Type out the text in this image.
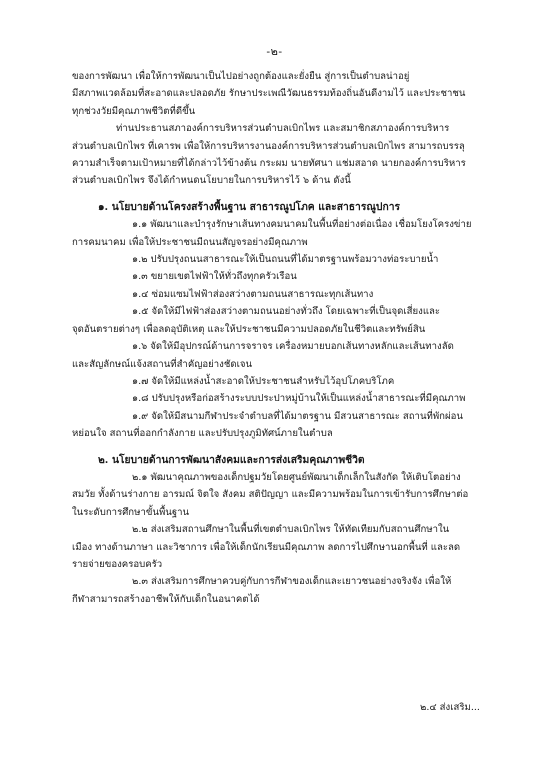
-๒-

ของการพัฒนา เพื่อให้การพัฒนาเป็นไปอย่างถูกต้องและยั่งยืน สู่การเป็นตำบลน่าอยู่
มีสภาพแวดล้อมที่สะอาดและปลอดภัย รักษาประเพณีวัฒนธรรมท้องถิ่นอันดีงามไว้ และประชาชน
ทุกช่วงวัยมีคุณภาพชีวิตที่ดีขึ้น

ท่านประธานสภาองค์การบริหารส่วนตำบลเบิกไพร และสมาชิกสภาองค์การบริหาร
ส่วนตำบลเบิกไพร ที่เคารพ เพื่อให้การบริหารงานองค์การบริหารส่วนตำบลเบิกไพร สามารถบรรลุ
ความสำเร็จตามเป้าหมายที่ได้กล่าวไว้ข้างต้น กระผม นายทัศนา แช่มสอาด นายกองค์การบริหาร
ส่วนตำบลเบิกไพร จึงได้กำหนดนโยบายในการบริหารไว้ ๖ ด้าน ดังนี้

๑. นโยบายด้านโครงสร้างพื้นฐาน สาธารณูปโภค และสาธารณูปการ

๑.๑ พัฒนาและบำรุงรักษาเส้นทางคมนาคมในพื้นที่อย่างต่อเนื่อง เชื่อมโยงโครงข่าย
การคมนาคม เพื่อให้ประชาชนมีถนนสัญจรอย่างมีคุณภาพ

๑.๒ ปรับปรุงถนนสาธารณะให้เป็นถนนที่ได้มาตรฐานพร้อมวางท่อระบายน้ำ

๑.๓ ขยายเขตไฟฟ้าให้ทั่วถึงทุกครัวเรือน

๑.๔ ซ่อมแซมไฟฟ้าส่องสว่างตามถนนสาธารณะทุกเส้นทาง

๑.๕ จัดให้มีไฟฟ้าส่องสว่างตามถนนอย่างทั่วถึง โดยเฉพาะที่เป็นจุดเสี่ยงและ
จุดอันตรายต่างๆ เพื่อลดอุบัติเหตุ และให้ประชาชนมีความปลอดภัยในชีวิตและทรัพย์สิน

๑.๖ จัดให้มีอุปกรณ์ด้านการจราจร เครื่องหมายบอกเส้นทางหลักและเส้นทางลัด
และสัญลักษณ์แจ้งสถานที่สำคัญอย่างชัดเจน

๑.๗ จัดให้มีแหล่งน้ำสะอาดให้ประชาชนสำหรับไว้อุปโภคบริโภค

๑.๘ ปรับปรุงหรือก่อสร้างระบบประปาหมู่บ้านให้เป็นแหล่งน้ำสาธารณะที่มีคุณภาพ

๑.๙ จัดให้มีสนามกีฬาประจำตำบลที่ได้มาตรฐาน มีสวนสาธารณะ สถานที่พักผ่อน
หย่อนใจ สถานที่ออกกำลังกาย และปรับปรุงภูมิทัศน์ภายในตำบล

๒. นโยบายด้านการพัฒนาสังคมและการส่งเสริมคุณภาพชีวิต

๒.๑ พัฒนาคุณภาพของเด็กปฐมวัยโดยศูนย์พัฒนาเด็กเล็กในสังกัด ให้เติบโตอย่าง
สมวัย ทั้งด้านร่างกาย อารมณ์ จิตใจ สังคม สติปัญญา และมีความพร้อมในการเข้ารับการศึกษาต่อ
ในระดับการศึกษาขั้นพื้นฐาน

๒.๒ ส่งเสริมสถานศึกษาในพื้นที่เขตตำบลเบิกไพร ให้ทัดเทียมกับสถานศึกษาใน
เมือง ทางด้านภาษา และวิชาการ เพื่อให้เด็กนักเรียนมีคุณภาพ ลดการไปศึกษานอกพื้นที่ และลด
รายจ่ายของครอบครัว

๒.๓ ส่งเสริมการศึกษาควบคู่กับการกีฬาของเด็กและเยาวชนอย่างจริงจัง เพื่อให้
กีฬาสามารถสร้างอาชีพให้กับเด็กในอนาคตได้

๒.๔ ส่งเสริม...
